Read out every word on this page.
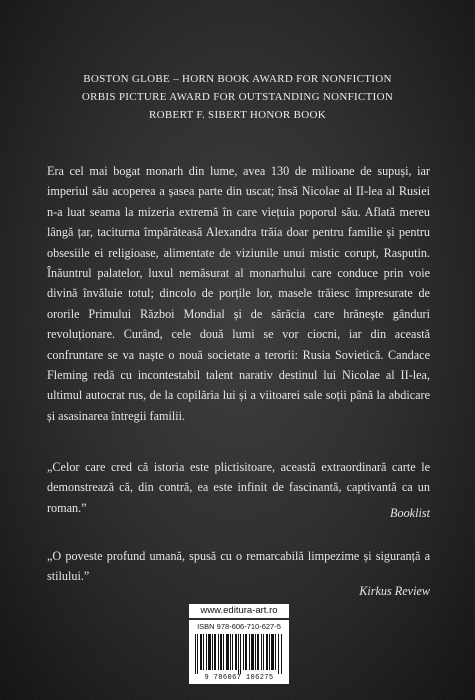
BOSTON GLOBE – HORN BOOK AWARD FOR NONFICTION
ORBIS PICTURE AWARD FOR OUTSTANDING NONFICTION
ROBERT F. SIBERT HONOR BOOK

Era cel mai bogat monarh din lume, avea 130 de milioane de supuși, iar imperiul său acoperea a șasea parte din uscat; însă Nicolae al II-lea al Rusiei n-a luat seama la mizeria extremă în care viețuia poporul său. Aflată mereu lângă țar, taciturna împărăteasă Alexandra trăia doar pentru familie și pentru obsesiile ei religioase, alimentate de viziunile unui mistic corupt, Rasputin. Înăuntrul palatelor, luxul nemăsurat al monarhului care conduce prin voie divină învăluie totul; dincolo de porțile lor, masele trăiesc împresurate de ororile Primului Război Mondial și de sărăcia care hrănește gânduri revoluționare. Curând, cele două lumi se vor ciocni, iar din această confruntare se va naște o nouă societate a terorii: Rusia Sovietică. Candace Fleming redă cu incontestabil talent narativ destinul lui Nicolae al II-lea, ultimul autocrat rus, de la copilăria lui și a viitoarei sale soții până la abdicare și asasinarea întregii familii.

„Celor care cred că istoria este plictisitoare, această extraordinară carte le demonstrează că, din contră, ea este infinit de fascinantă, captivantă ca un roman.”	Booklist

„O poveste profund umană, spusă cu o remarcabilă limpezime și siguranță a stilului.”

Kirkus Review
www.editura-art.ro
ISBN 978-606-710-627-5
9 786067 106275
